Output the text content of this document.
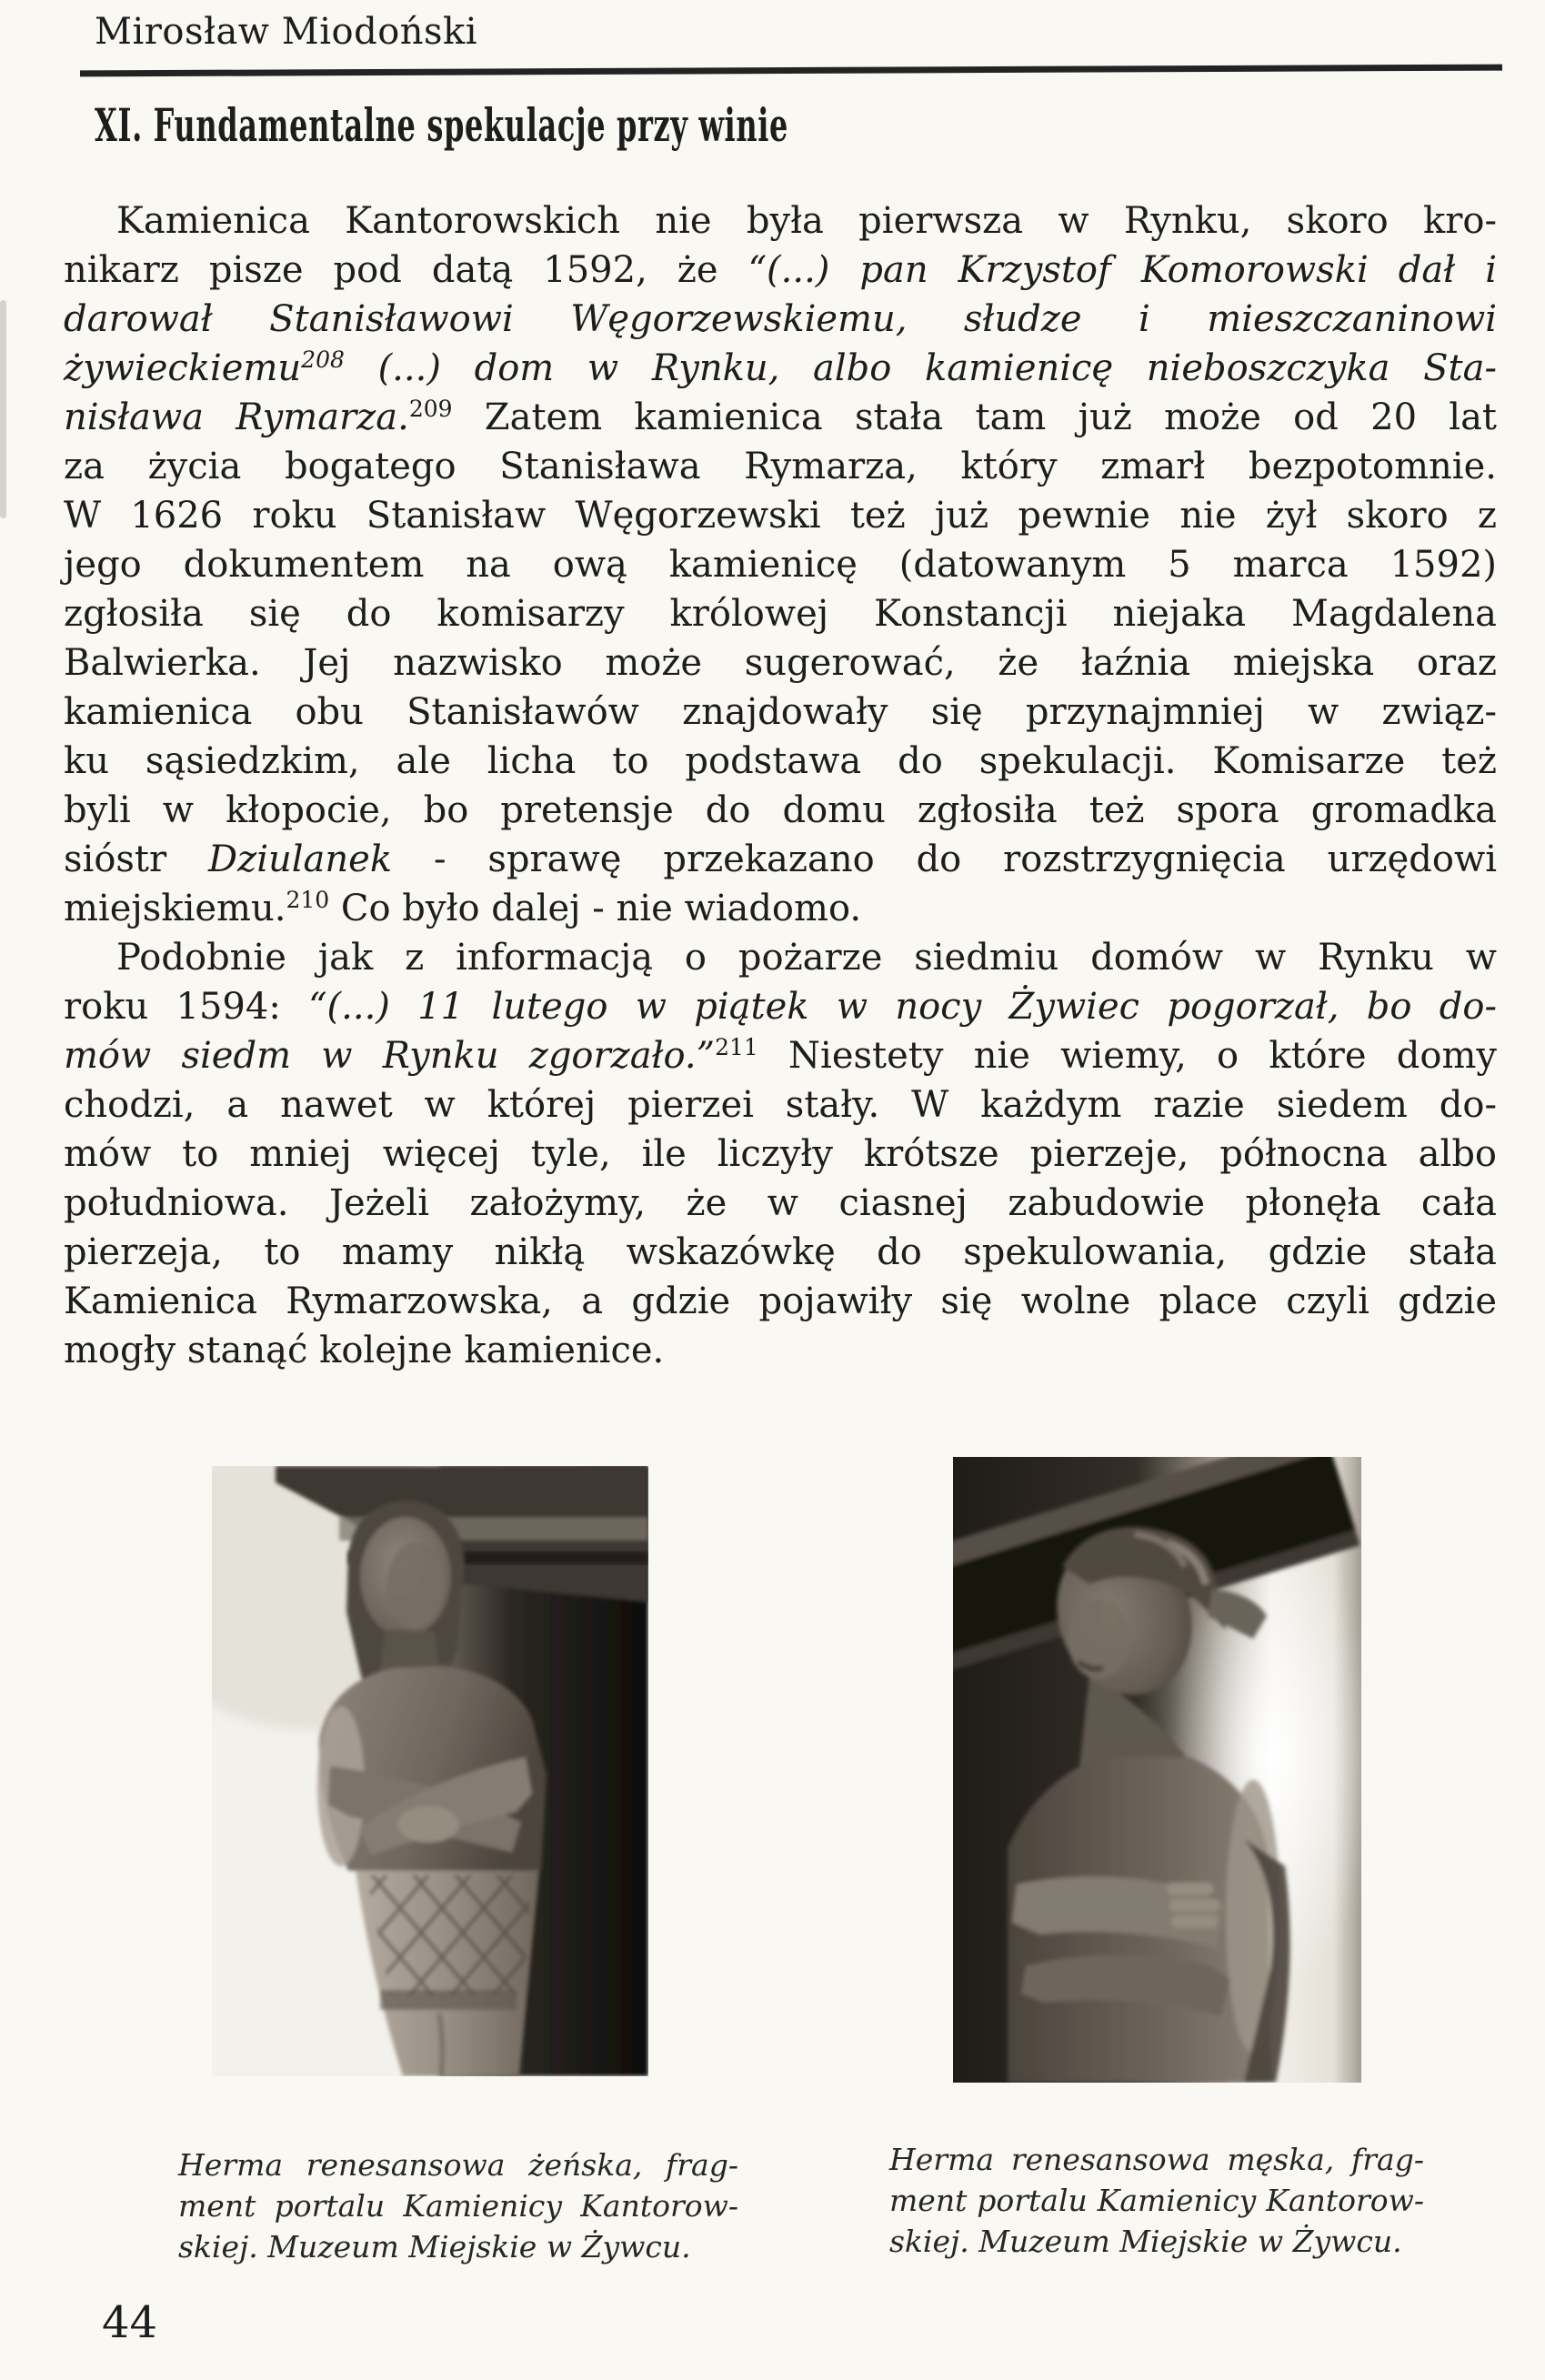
Mirosław Miodoński
XI. Fundamentalne spekulacje przy winie
Kamienica Kantorowskich nie była pierwsza w Rynku, skoro kro-
nikarz pisze pod datą 1592, że “(...) pan Krzystof Komorowski dał i
darował Stanisławowi Węgorzewskiemu, słudze i mieszczaninowi
żywieckiemu$^{208}$ (...) dom w Rynku, albo kamienicę nieboszczyka Sta-
nisława Rymarza.$^{209}$ Zatem kamienica stała tam już może od 20 lat
za życia bogatego Stanisława Rymarza, który zmarł bezpotomnie.
W 1626 roku Stanisław Węgorzewski też już pewnie nie żył skoro z
jego dokumentem na ową kamienicę (datowanym 5 marca 1592)
zgłosiła się do komisarzy królowej Konstancji niejaka Magdalena
Balwierka. Jej nazwisko może sugerować, że łaźnia miejska oraz
kamienica obu Stanisławów znajdowały się przynajmniej w związ-
ku sąsiedzkim, ale licha to podstawa do spekulacji. Komisarze też
byli w kłopocie, bo pretensje do domu zgłosiła też spora gromadka
sióstr Dziulanek - sprawę przekazano do rozstrzygnięcia urzędowi
miejskiemu.$^{210}$ Co było dalej - nie wiadomo.
Podobnie jak z informacją o pożarze siedmiu domów w Rynku w
roku 1594: “(...) 11 lutego w piątek w nocy Żywiec pogorzał, bo do-
mów siedm w Rynku zgorzało.”$^{211}$ Niestety nie wiemy, o które domy
chodzi, a nawet w której pierzei stały. W każdym razie siedem do-
mów to mniej więcej tyle, ile liczyły krótsze pierzeje, północna albo
południowa. Jeżeli założymy, że w ciasnej zabudowie płonęła cała
pierzeja, to mamy nikłą wskazówkę do spekulowania, gdzie stała
Kamienica Rymarzowska, a gdzie pojawiły się wolne place czyli gdzie
mogły stanąć kolejne kamienice.
Herma renesansowa żeńska, frag-
ment portalu Kamienicy Kantorow-
skiej. Muzeum Miejskie w Żywcu.
Herma renesansowa męska, frag-
ment portalu Kamienicy Kantorow-
skiej. Muzeum Miejskie w Żywcu.
44
